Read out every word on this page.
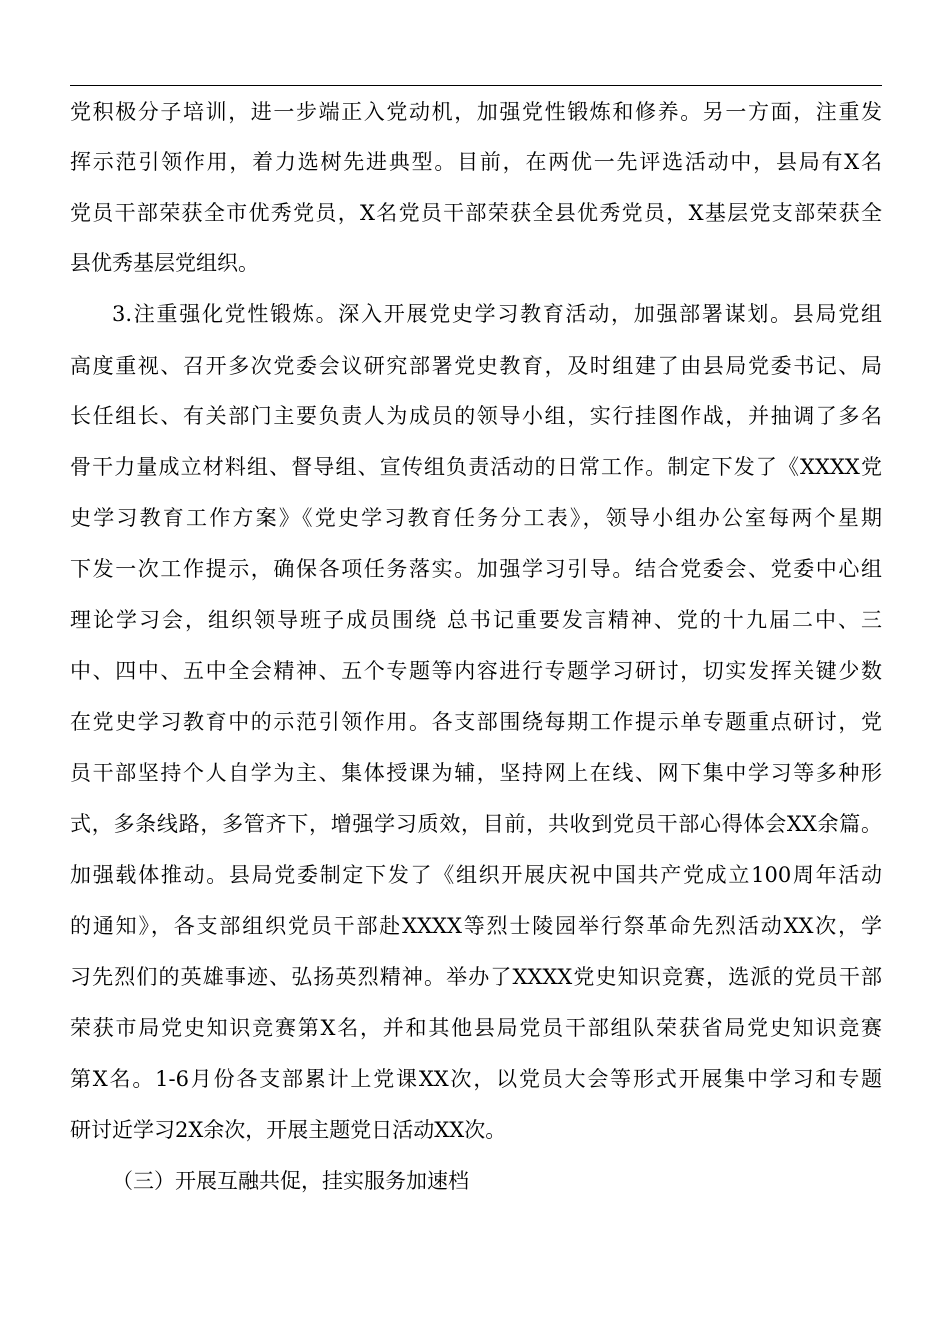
党积极分子培训，进一步端正入党动机，加强党性锻炼和修养。另一方面，注重发
挥示范引领作用，着力选树先进典型。目前，在两优一先评选活动中，县局有X名
党员干部荣获全市优秀党员，X名党员干部荣获全县优秀党员，X基层党支部荣获全
县优秀基层党组织。
3.注重强化党性锻炼。深入开展党史学习教育活动，加强部署谋划。县局党组
高度重视、召开多次党委会议研究部署党史教育，及时组建了由县局党委书记、局
长任组长、有关部门主要负责人为成员的领导小组，实行挂图作战，并抽调了多名
骨干力量成立材料组、督导组、宣传组负责活动的日常工作。制定下发了《XXXX党
史学习教育工作方案》《党史学习教育任务分工表》，领导小组办公室每两个星期
下发一次工作提示，确保各项任务落实。加强学习引导。结合党委会、党委中心组
理论学习会，组织领导班子成员围绕 总书记重要发言精神、党的十九届二中、三
中、四中、五中全会精神、五个专题等内容进行专题学习研讨，切实发挥关键少数
在党史学习教育中的示范引领作用。各支部围绕每期工作提示单专题重点研讨，党
员干部坚持个人自学为主、集体授课为辅，坚持网上在线、网下集中学习等多种形
式，多条线路，多管齐下，增强学习质效，目前，共收到党员干部心得体会XX余篇。
加强载体推动。县局党委制定下发了《组织开展庆祝中国共产党成立100周年活动
的通知》，各支部组织党员干部赴XXXX等烈士陵园举行祭革命先烈活动XX次，学
习先烈们的英雄事迹、弘扬英烈精神。举办了XXXX党史知识竞赛，选派的党员干部
荣获市局党史知识竞赛第X名，并和其他县局党员干部组队荣获省局党史知识竞赛
第X名。1-6月份各支部累计上党课XX次，以党员大会等形式开展集中学习和专题
研讨近学习2X余次，开展主题党日活动XX次。
（三）开展互融共促，挂实服务加速档
